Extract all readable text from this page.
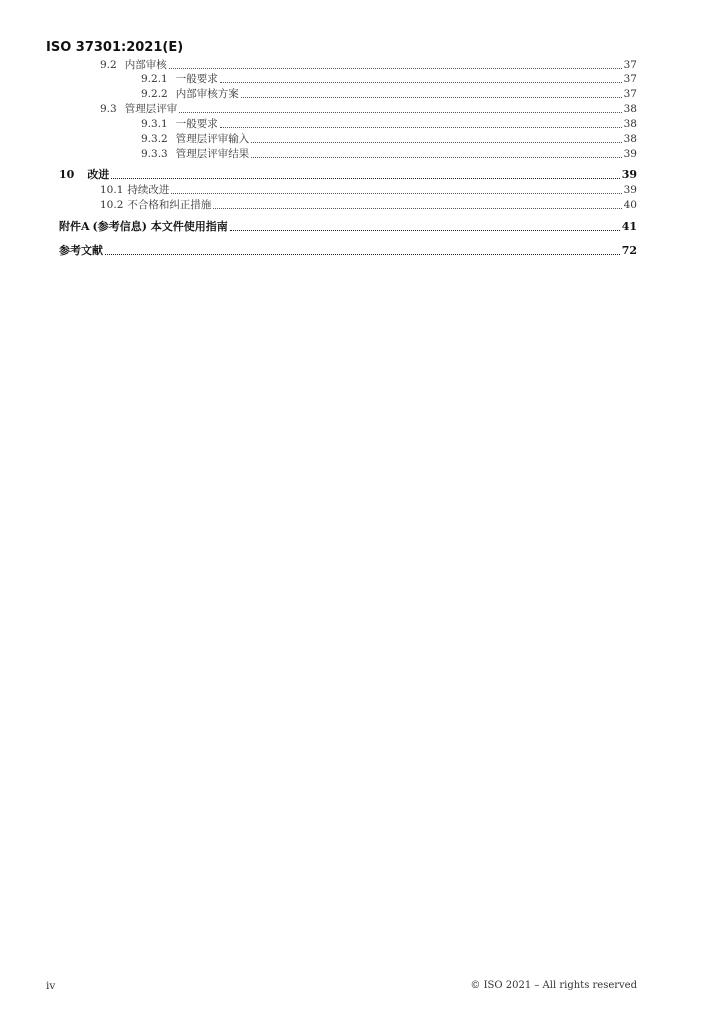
ISO 37301:2021(E)
9.2 内部审核	37
9.2.1 一般要求	37
9.2.2 内部审核方案	37
9.3 管理层评审	38
9.3.1 一般要求	38
9.3.2 管理层评审输入	38
9.3.3 管理层评审结果	39
10 改进	39
10.1 持续改进	39
10.2 不合格和纠正措施	40
附件A (参考信息) 本文件使用指南	41
参考文献	72
iv	© ISO 2021 – All rights reserved
